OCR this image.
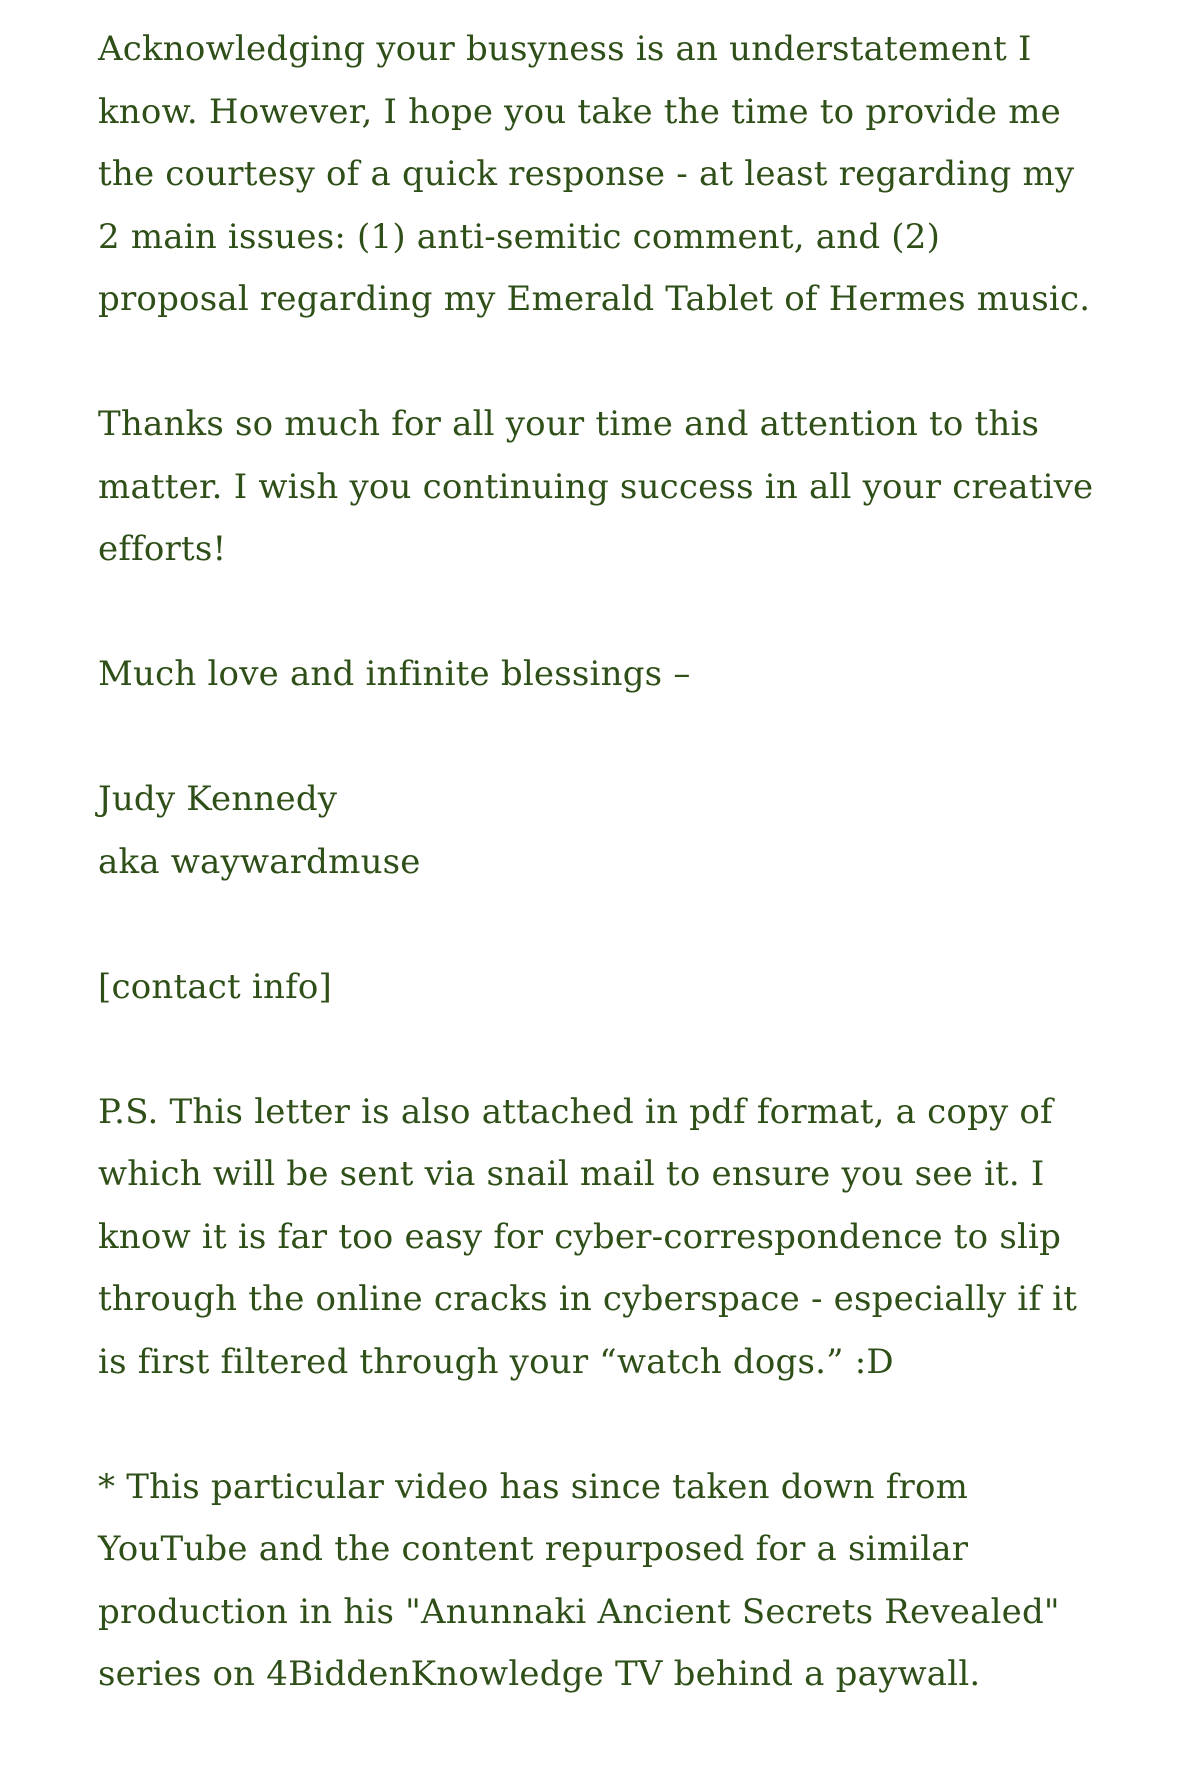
Acknowledging your busyness is an understatement I
know. However, I hope you take the time to provide me
the courtesy of a quick response - at least regarding my
2 main issues: (1) anti-semitic comment, and (2)
proposal regarding my Emerald Tablet of Hermes music.

Thanks so much for all your time and attention to this
matter. I wish you continuing success in all your creative
efforts!

Much love and infinite blessings –

Judy Kennedy
aka waywardmuse

[contact info]

P.S. This letter is also attached in pdf format, a copy of
which will be sent via snail mail to ensure you see it. I
know it is far too easy for cyber-correspondence to slip
through the online cracks in cyberspace - especially if it
is first filtered through your “watch dogs.” :D

* This particular video has since taken down from
YouTube and the content repurposed for a similar
production in his "Anunnaki Ancient Secrets Revealed"
series on 4BiddenKnowledge TV behind a paywall.
